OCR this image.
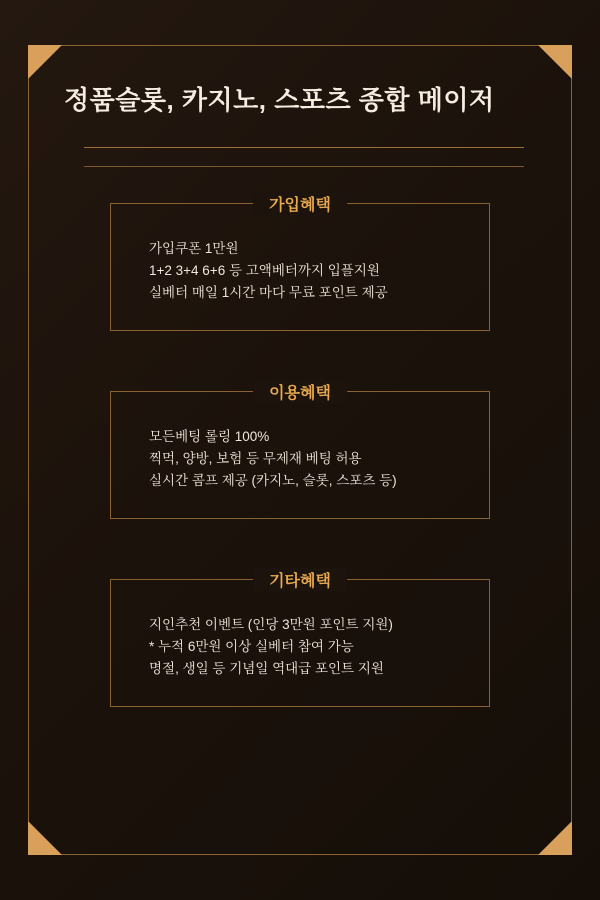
정품슬롯, 카지노, 스포츠 종합 메이저
가입혜택
가입쿠폰 1만원
1+2 3+4 6+6 등 고액베터까지 입플지원
실베터 매일 1시간 마다 무료 포인트 제공
이용혜택
모든베팅 롤링 100%
찍먹, 양방, 보험 등 무제재 베팅 허용
실시간 콤프 제공 (카지노, 슬롯, 스포츠 등)
기타혜택
지인추천 이벤트 (인당 3만원 포인트 지원)
* 누적 6만원 이상 실베터 참여 가능
명절, 생일 등 기념일 역대급 포인트 지원
